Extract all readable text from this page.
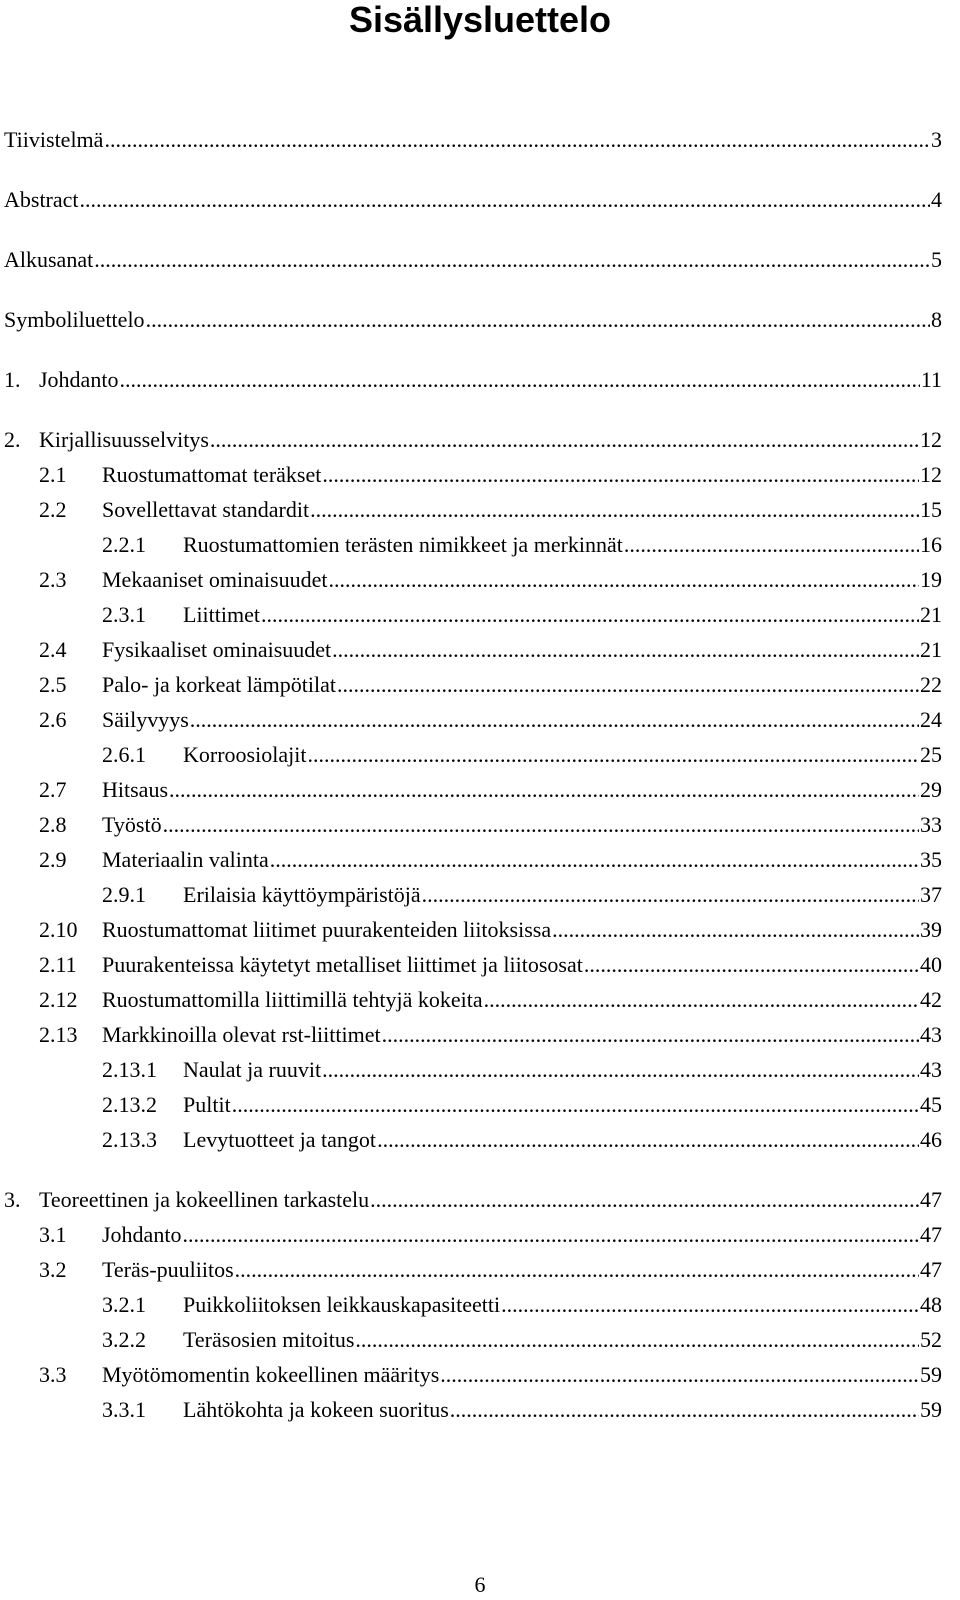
Sisällysluettelo
Tiivistelmä .....	3
Abstract .....	4
Alkusanat .....	5
Symboliluettelo .....	8
1. Johdanto .....	11
2. Kirjallisuusselvitys .....	12
2.1	Ruostumattomat teräkset .....	12
2.2	Sovellettavat standardit .....	15
2.2.1	Ruostumattomien terästen nimikkeet ja merkinnät .....	16
2.3	Mekaaniset ominaisuudet .....	19
2.3.1	Liittimet .....	21
2.4	Fysikaaliset ominaisuudet .....	21
2.5	Palo- ja korkeat lämpötilat .....	22
2.6	Säilyvyys .....	24
2.6.1	Korroosiolajit .....	25
2.7	Hitsaus .....	29
2.8	Työstö .....	33
2.9	Materiaalin valinta .....	35
2.9.1	Erilaisia käyttöympäristöjä .....	37
2.10	Ruostumattomat liitimet puurakenteiden liitoksissa .....	39
2.11	Puurakenteissa käytetyt metalliset liittimet ja liitososat .....	40
2.12	Ruostumattomilla liittimillä tehtyjä kokeita .....	42
2.13	Markkinoilla olevat rst-liittimet .....	43
2.13.1	Naulat ja ruuvit .....	43
2.13.2	Pultit .....	45
2.13.3	Levytuotteet ja tangot .....	46
3. Teoreettinen ja kokeellinen tarkastelu .....	47
3.1	Johdanto .....	47
3.2	Teräs-puuliitos .....	47
3.2.1	Puikkoliitoksen leikkauskapasiteetti .....	48
3.2.2	Teräsosien mitoitus .....	52
3.3	Myötömomentin kokeellinen määritys .....	59
3.3.1	Lähtökohta ja kokeen suoritus .....	59
6
